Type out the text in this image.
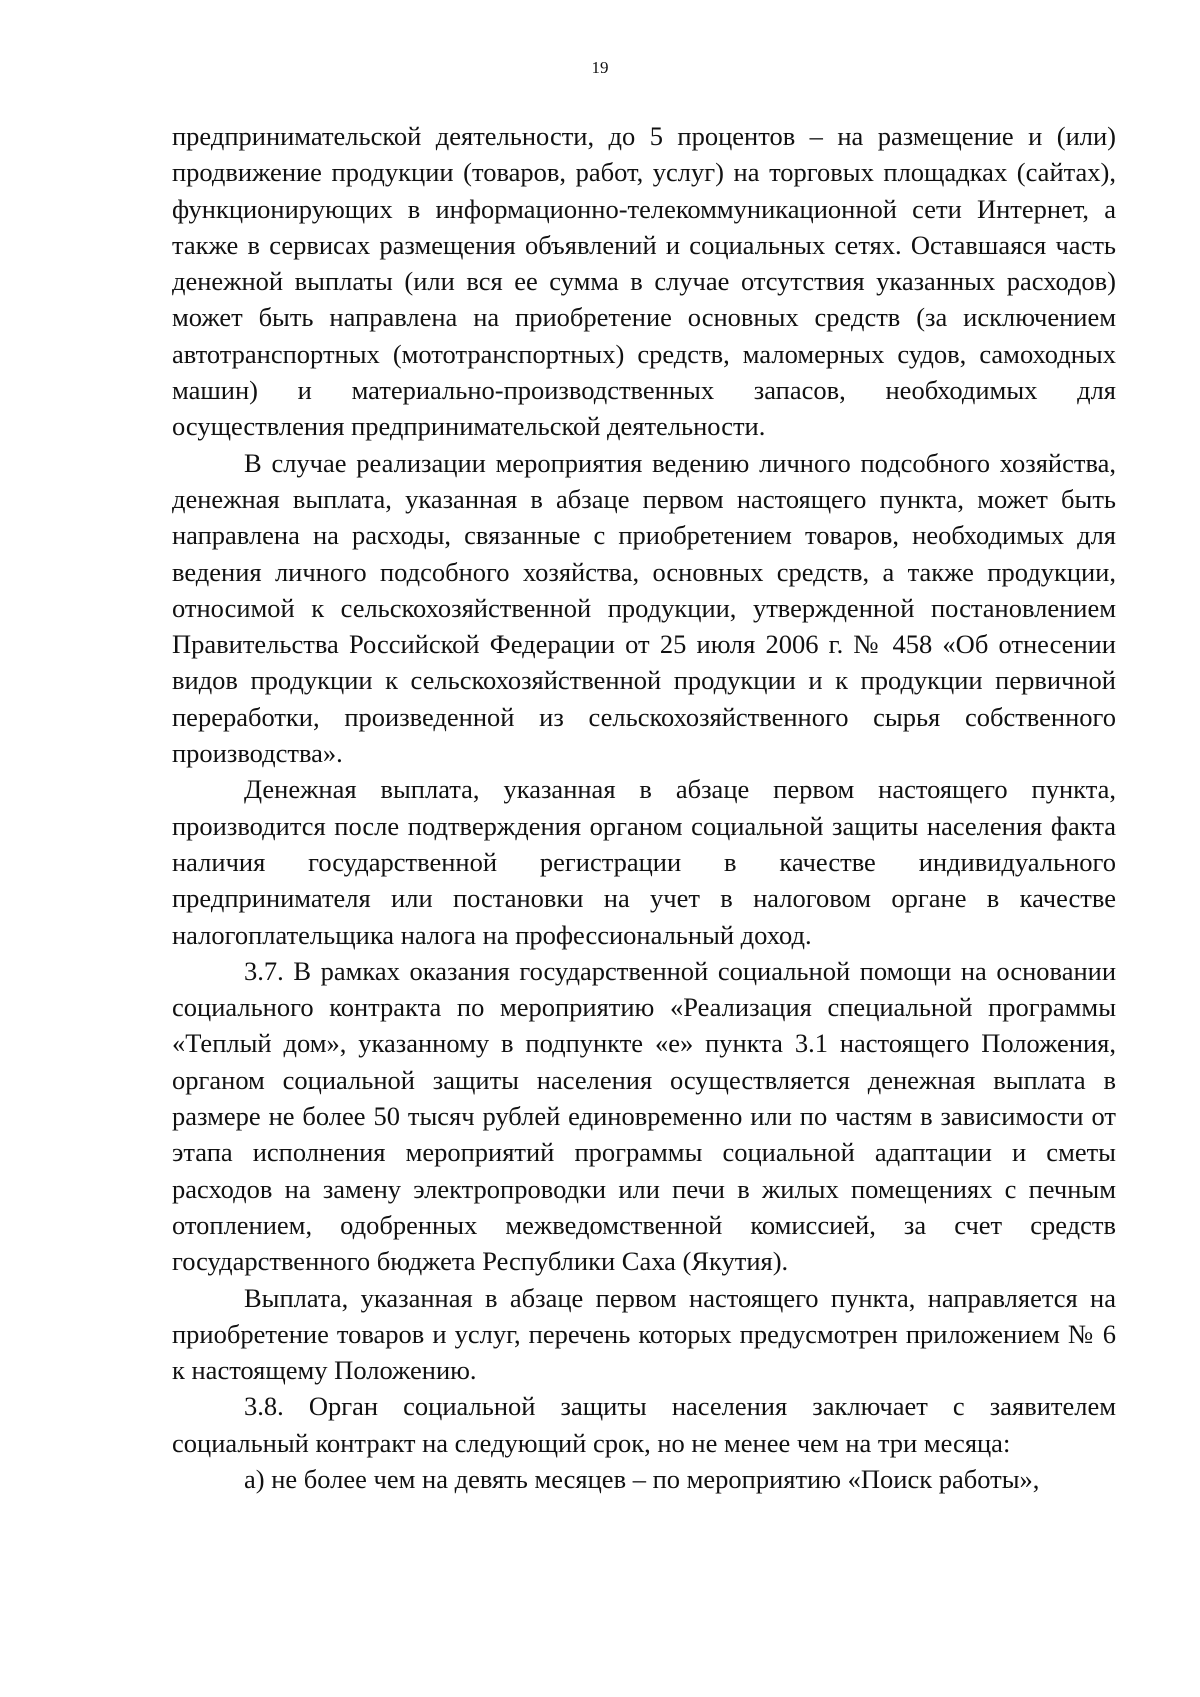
19

предпринимательской деятельности, до 5 процентов – на размещение и (или) продвижение продукции (товаров, работ, услуг) на торговых площадках (сайтах), функционирующих в информационно-телекоммуникационной сети Интернет, а также в сервисах размещения объявлений и социальных сетях. Оставшаяся часть денежной выплаты (или вся ее сумма в случае отсутствия указанных расходов) может быть направлена на приобретение основных средств (за исключением автотранспортных (мототранспортных) средств, маломерных судов, самоходных машин) и материально-производственных запасов, необходимых для осуществления предпринимательской деятельности.

В случае реализации мероприятия ведению личного подсобного хозяйства, денежная выплата, указанная в абзаце первом настоящего пункта, может быть направлена на расходы, связанные с приобретением товаров, необходимых для ведения личного подсобного хозяйства, основных средств, а также продукции, относимой к сельскохозяйственной продукции, утвержденной постановлением Правительства Российской Федерации от 25 июля 2006 г. № 458 «Об отнесении видов продукции к сельскохозяйственной продукции и к продукции первичной переработки, произведенной из сельскохозяйственного сырья собственного производства».

Денежная выплата, указанная в абзаце первом настоящего пункта, производится после подтверждения органом социальной защиты населения факта наличия государственной регистрации в качестве индивидуального предпринимателя или постановки на учет в налоговом органе в качестве налогоплательщика налога на профессиональный доход.

3.7. В рамках оказания государственной социальной помощи на основании социального контракта по мероприятию «Реализация специальной программы «Теплый дом», указанному в подпункте «е» пункта 3.1 настоящего Положения, органом социальной защиты населения осуществляется денежная выплата в размере не более 50 тысяч рублей единовременно или по частям в зависимости от этапа исполнения мероприятий программы социальной адаптации и сметы расходов на замену электропроводки или печи в жилых помещениях с печным отоплением, одобренных межведомственной комиссией, за счет средств государственного бюджета Республики Саха (Якутия).

Выплата, указанная в абзаце первом настоящего пункта, направляется на приобретение товаров и услуг, перечень которых предусмотрен приложением № 6 к настоящему Положению.

3.8. Орган социальной защиты населения заключает с заявителем социальный контракт на следующий срок, но не менее чем на три месяца:

а) не более чем на девять месяцев – по мероприятию «Поиск работы»,
